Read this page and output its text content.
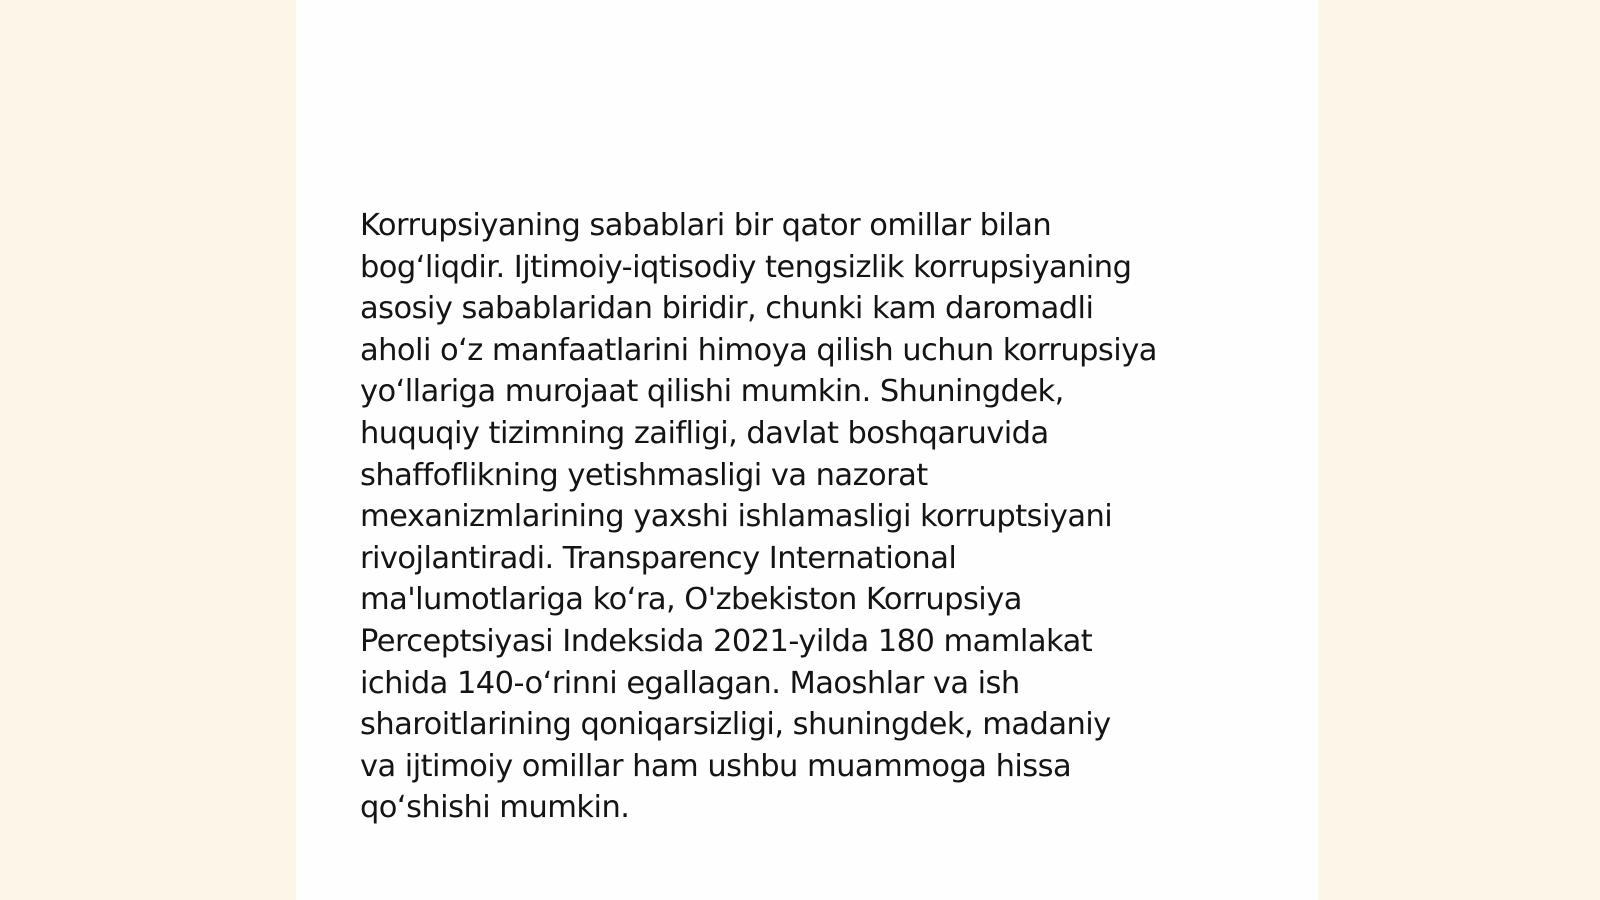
Korrupsiyaning sabablari bir qator omillar bilan
bog‘liqdir. Ijtimoiy-iqtisodiy tengsizlik korrupsiyaning
asosiy sabablaridan biridir, chunki kam daromadli
aholi o‘z manfaatlarini himoya qilish uchun korrupsiya
yo‘llariga murojaat qilishi mumkin. Shuningdek,
huquqiy tizimning zaifligi, davlat boshqaruvida
shaffoflikning yetishmasligi va nazorat
mexanizmlarining yaxshi ishlamasligi korruptsiyani
rivojlantiradi. Transparency International
ma'lumotlariga ko‘ra, O'zbekiston Korrupsiya
Perceptsiyasi Indeksida 2021-yilda 180 mamlakat
ichida 140-o‘rinni egallagan. Maoshlar va ish
sharoitlarining qoniqarsizligi, shuningdek, madaniy
va ijtimoiy omillar ham ushbu muammoga hissa
qo‘shishi mumkin.
